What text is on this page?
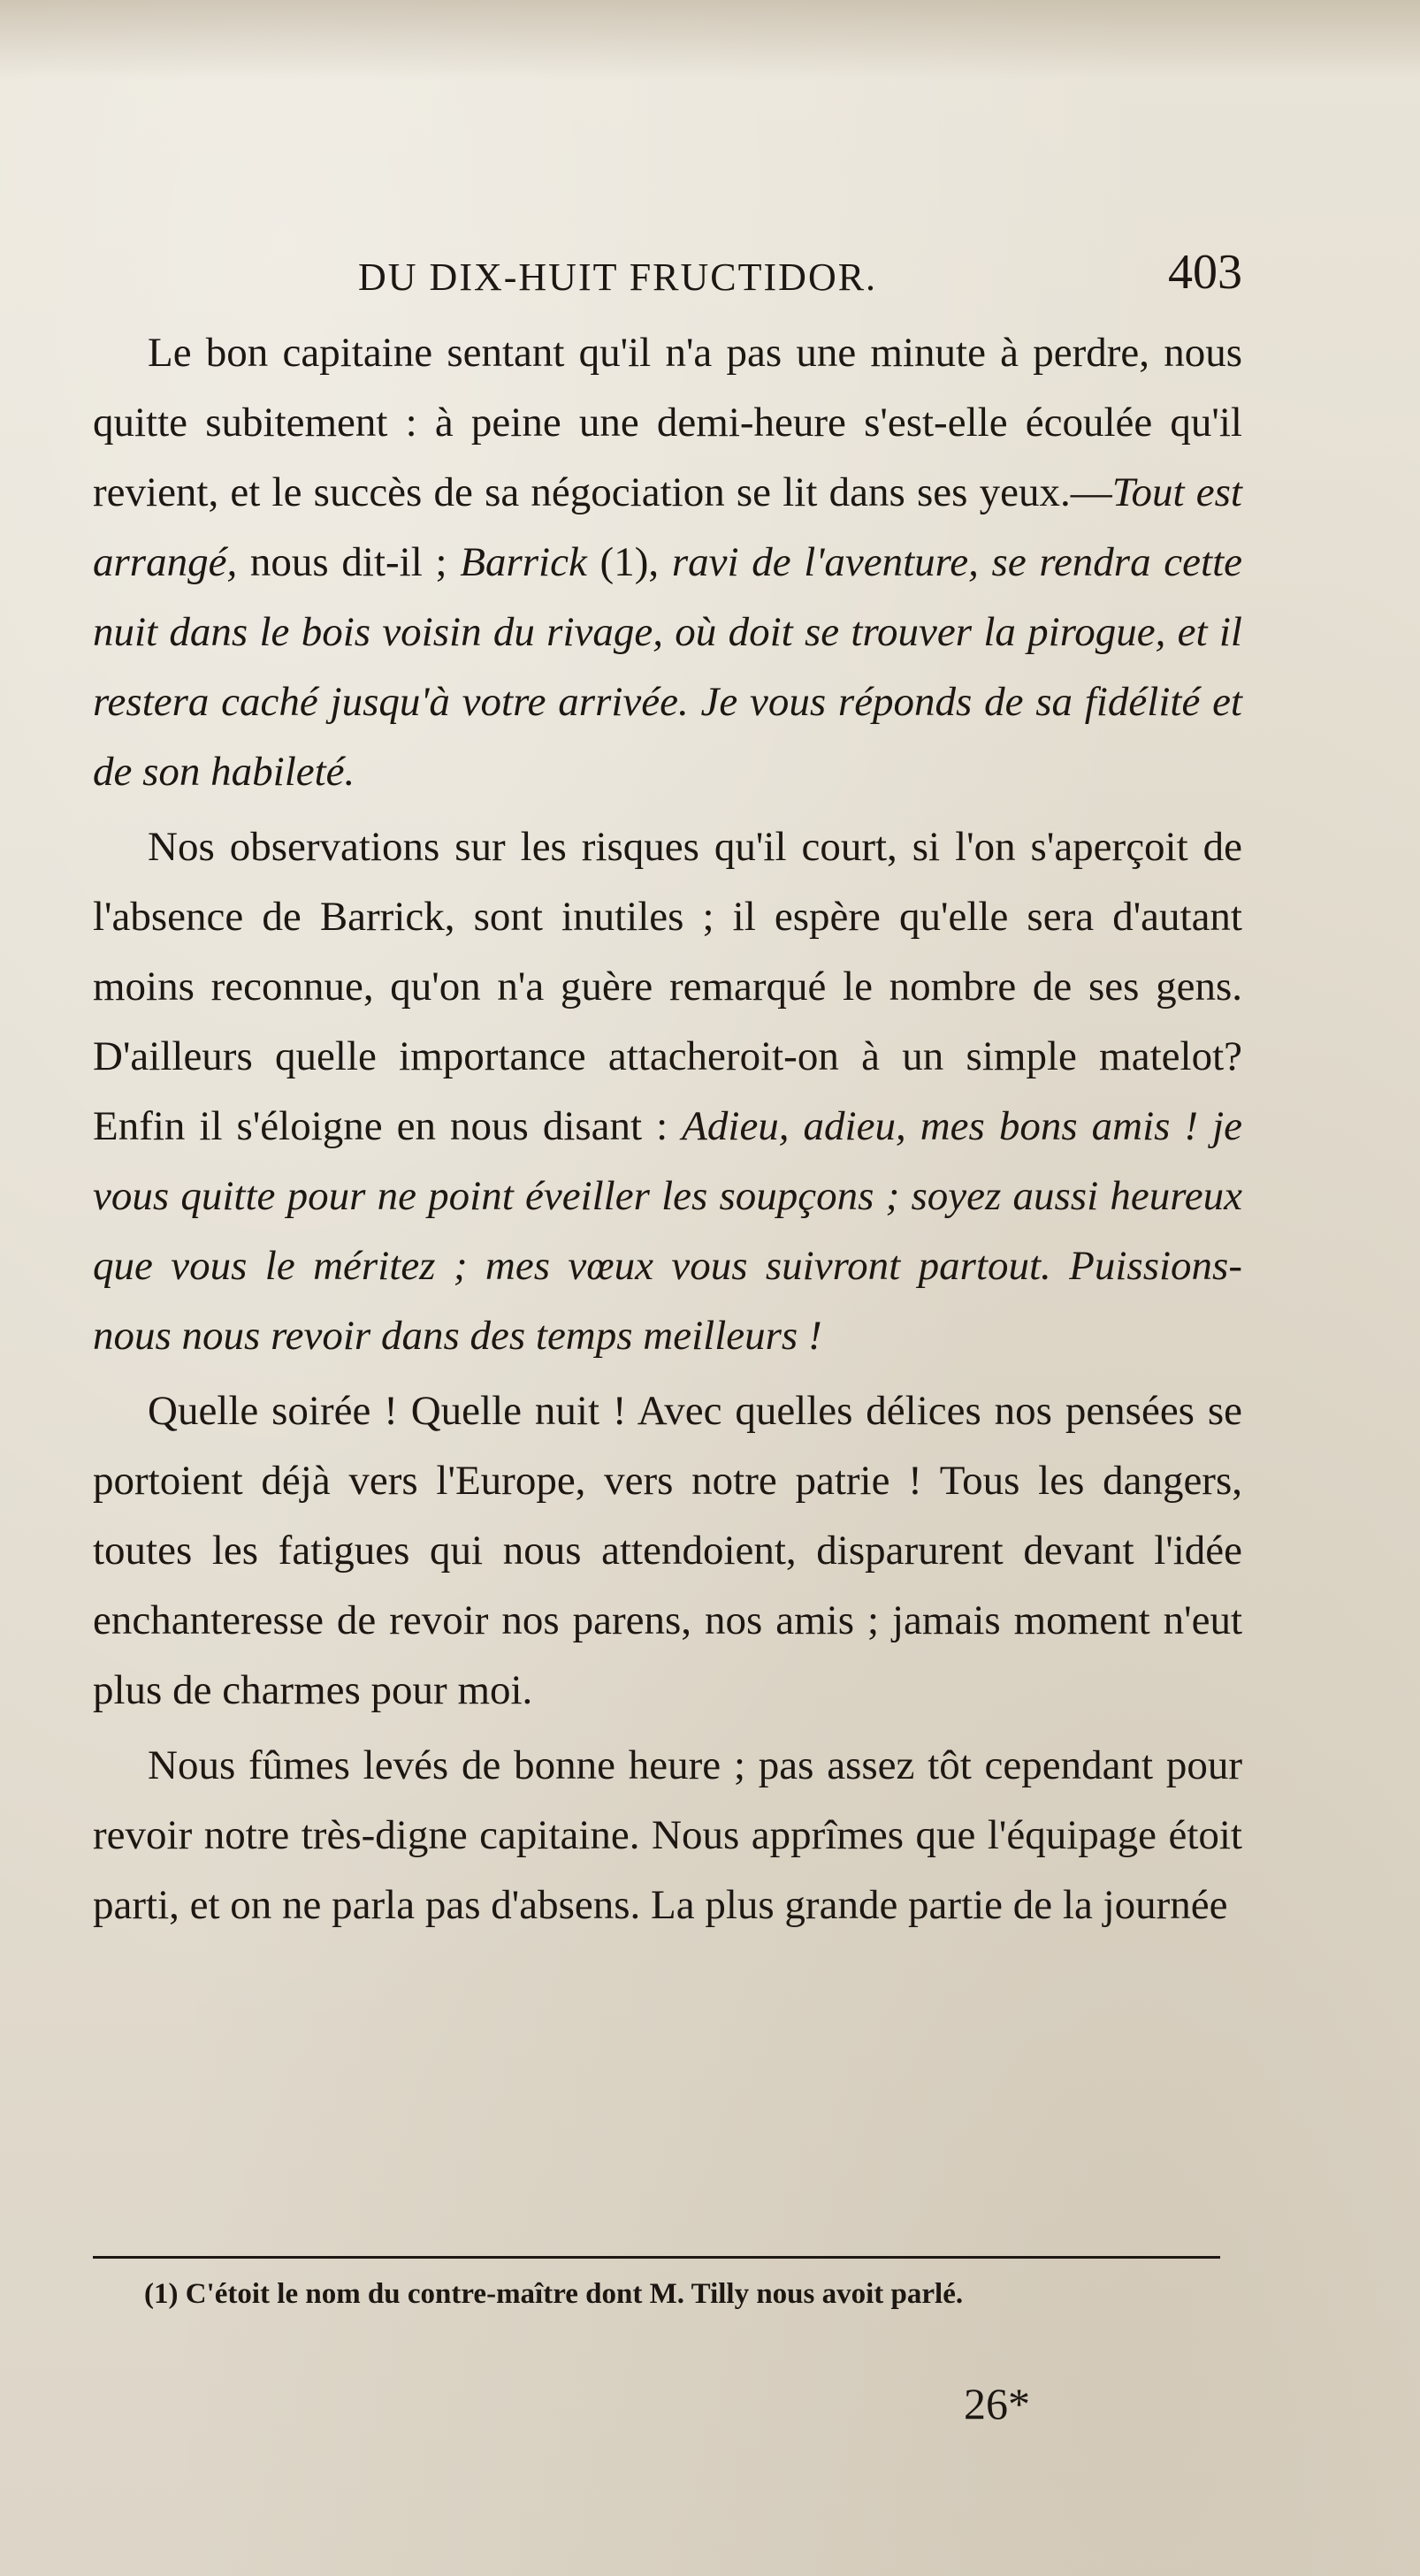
DU DIX-HUIT FRUCTIDOR.	403

Le bon capitaine sentant qu'il n'a pas une minute à perdre, nous quitte subitement : à peine une demi-heure s'est-elle écoulée qu'il revient, et le succès de sa négociation se lit dans ses yeux.—Tout est arrangé, nous dit-il ; Barrick (1), ravi de l'aventure, se rendra cette nuit dans le bois voisin du rivage, où doit se trouver la pirogue, et il restera caché jusqu'à votre arrivée. Je vous réponds de sa fidélité et de son habileté.

Nos observations sur les risques qu'il court, si l'on s'aperçoit de l'absence de Barrick, sont inutiles ; il espère qu'elle sera d'autant moins reconnue, qu'on n'a guère remarqué le nombre de ses gens. D'ailleurs quelle importance attacheroit-on à un simple matelot? Enfin il s'éloigne en nous disant : Adieu, adieu, mes bons amis ! je vous quitte pour ne point éveiller les soupçons ; soyez aussi heureux que vous le méritez ; mes vœux vous suivront partout. Puissions-nous nous revoir dans des temps meilleurs !

Quelle soirée ! Quelle nuit ! Avec quelles délices nos pensées se portoient déjà vers l'Europe, vers notre patrie ! Tous les dangers, toutes les fatigues qui nous attendoient, disparurent devant l'idée enchanteresse de revoir nos parens, nos amis ; jamais moment n'eut plus de charmes pour moi.

Nous fûmes levés de bonne heure ; pas assez tôt cependant pour revoir notre très-digne capitaine. Nous apprîmes que l'équipage étoit parti, et on ne parla pas d'absens. La plus grande partie de la journée

(1) C'étoit le nom du contre-maître dont M. Tilly nous avoit parlé.

26*
